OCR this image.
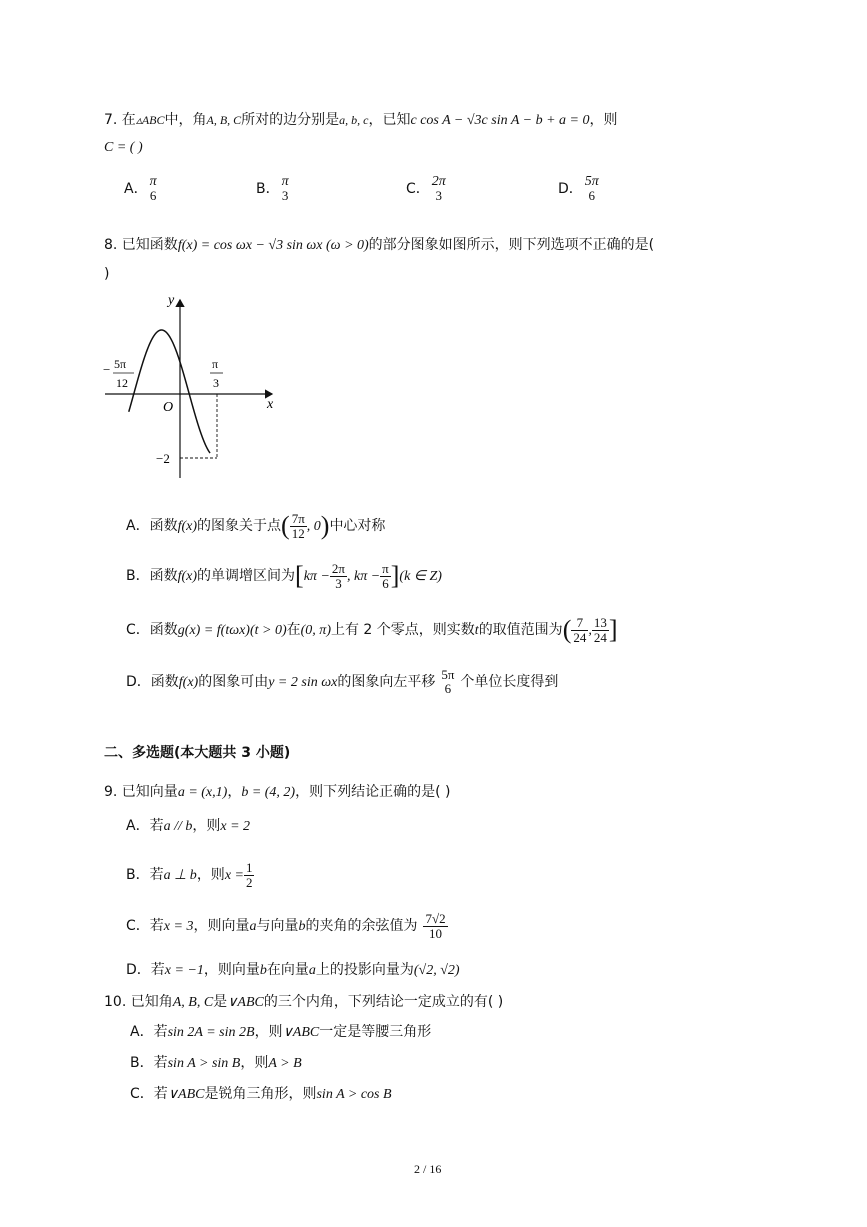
7. 在▵ABC中，角A, B, C所对的边分别是a, b, c，已知c cos A − √3c sin A − b + a = 0，则
C = ( )
A． π
6	B． π
3	C． 2π
3	D． 5π
6
8. 已知函数f(x) = cos ωx − √3 sin ωx (ω > 0)的部分图象如图所示，则下列选项不正确的是(
)
y
x
O
− 5π
12
π
3
−2
A．函数f(x)的图象关于点( $\frac{7\pi}{12}$ , 0)中心对称
B．函数f(x)的单调增区间为[$k\pi - \frac{2\pi}{3}$ , $k\pi - \frac{\pi}{6} ](k$ ∈ Z)
C．函数g(x) = f(tωx)(t > 0)在(0, π)上有 2 个零点，则实数t的取值范围为( $\frac{7}{24}$ , $\frac{13}{24}$ ]
D．函数f(x)的图象可由y = 2 sin ωx的图象向左平移 5π
6 个单位长度得到
二、多选题(本大题共 3 小题)
9. 已知向量a = (x,1)，b = (4, 2)，则下列结论正确的是( )
A．若a // b，则x = 2
B．若a ⊥ b，则$x = \frac{1}{2}$
C．若x = 3，则向量a与向量b的夹角的余弦值为 $\frac{7√2}{10}$
D．若x = −1，则向量b在向量a上的投影向量为(√2, √2)
10. 已知角A, B, C是∨ABC的三个内角，下列结论一定成立的有( )
A．若sin 2A = sin 2B，则∨ABC一定是等腰三角形
B．若sin A > sin B，则A > B
C．若∨ABC是锐角三角形，则sin A > cos B
2 / 16
